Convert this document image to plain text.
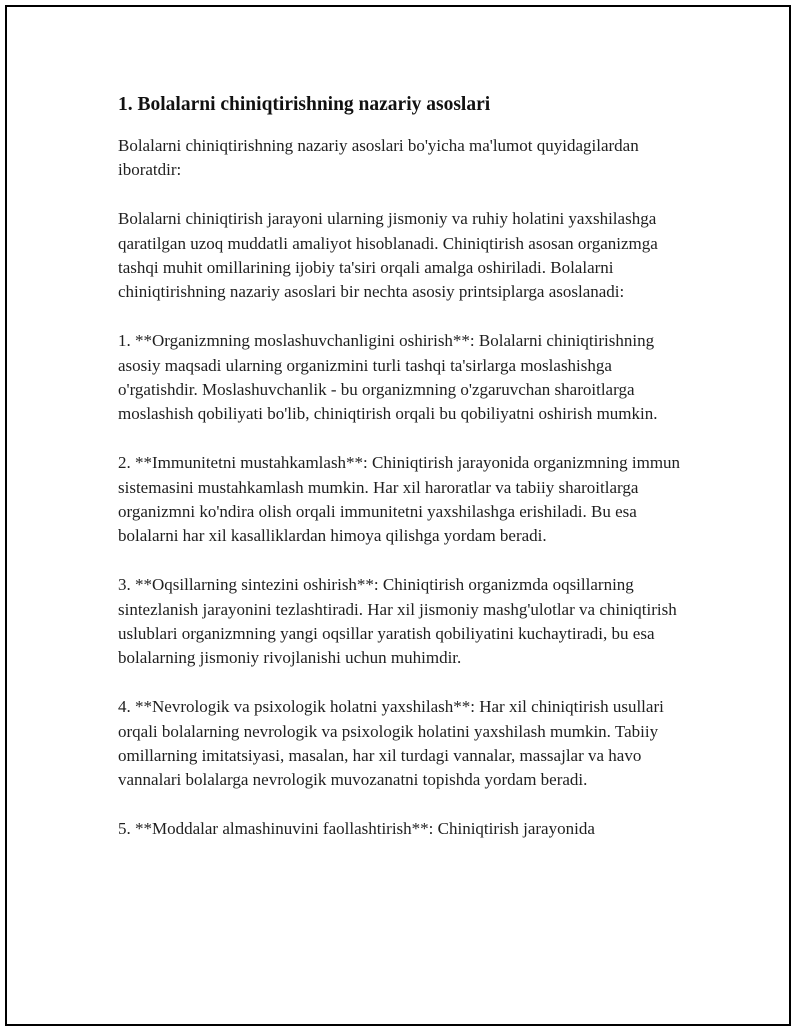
1. Bolalarni chiniqtirishning nazariy asoslari

Bolalarni chiniqtirishning nazariy asoslari bo'yicha ma'lumot quyidagilardan iboratdir:

Bolalarni chiniqtirish jarayoni ularning jismoniy va ruhiy holatini yaxshilashga qaratilgan uzoq muddatli amaliyot hisoblanadi. Chiniqtirish asosan organizmga tashqi muhit omillarining ijobiy ta'siri orqali amalga oshiriladi. Bolalarni chiniqtirishning nazariy asoslari bir nechta asosiy printsiplarga asoslanadi:

1. **Organizmning moslashuvchanligini oshirish**: Bolalarni chiniqtirishning asosiy maqsadi ularning organizmini turli tashqi ta'sirlarga moslashishga o'rgatishdir. Moslashuvchanlik - bu organizmning o'zgaruvchan sharoitlarga moslashish qobiliyati bo'lib, chiniqtirish orqali bu qobiliyatni oshirish mumkin.

2. **Immunitetni mustahkamlash**: Chiniqtirish jarayonida organizmning immun sistemasini mustahkamlash mumkin. Har xil haroratlar va tabiiy sharoitlarga organizmni ko'ndira olish orqali immunitetni yaxshilashga erishiladi. Bu esa bolalarni har xil kasalliklardan himoya qilishga yordam beradi.

3. **Oqsillarning sintezini oshirish**: Chiniqtirish organizmda oqsillarning sintezlanish jarayonini tezlashtiradi. Har xil jismoniy mashg'ulotlar va chiniqtirish uslublari organizmning yangi oqsillar yaratish qobiliyatini kuchaytiradi, bu esa bolalarning jismoniy rivojlanishi uchun muhimdir.

4. **Nevrologik va psixologik holatni yaxshilash**: Har xil chiniqtirish usullari orqali bolalarning nevrologik va psixologik holatini yaxshilash mumkin. Tabiiy omillarning imitatsiyasi, masalan, har xil turdagi vannalar, massajlar va havo vannalari bolalarga nevrologik muvozanatni topishda yordam beradi.

5. **Moddalar almashinuvini faollashtirish**: Chiniqtirish jarayonida
